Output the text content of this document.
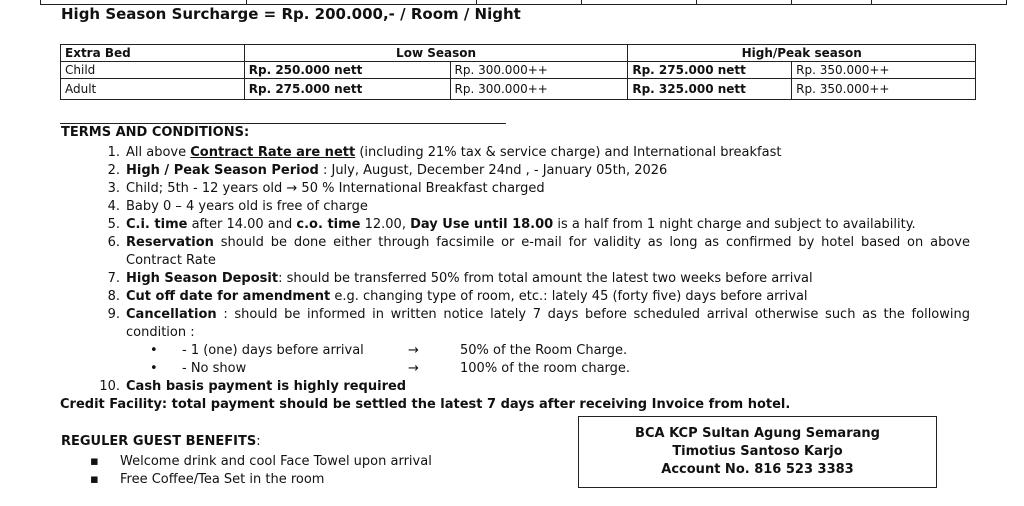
High Season Surcharge = Rp. 200.000,- / Room / Night
Extra Bed	Low Season		High/Peak season	
Child	Rp. 250.000 nett	Rp. 300.000++	Rp. 275.000 nett	Rp. 350.000++
Adult	Rp. 275.000 nett	Rp. 300.000++	Rp. 325.000 nett	Rp. 350.000++
TERMS AND CONDITIONS:
1. All above Contract Rate are nett (including 21% tax & service charge) and International breakfast
2. High / Peak Season Period : July, August, December 24nd , - January 05th, 2026
3. Child; 5th - 12 years old → 50 % International Breakfast charged
4. Baby 0 – 4 years old is free of charge
5. C.i. time after 14.00 and c.o. time 12.00, Day Use until 18.00 is a half from 1 night charge and subject to availability.
6. Reservation should be done either through facsimile or e-mail for validity as long as confirmed by hotel based on above Contract Rate
7. High Season Deposit: should be transferred 50% from total amount the latest two weeks before arrival
8. Cut off date for amendment e.g. changing type of room, etc.: lately 45 (forty five) days before arrival
9. Cancellation : should be informed in written notice lately 7 days before scheduled arrival otherwise such as the following condition :
•	- 1 (one) days before arrival	→	50% of the Room Charge.
•	- No show	→	100% of the room charge.
10. Cash basis payment is highly required
Credit Facility: total payment should be settled the latest 7 days after receiving Invoice from hotel.
REGULER GUEST BENEFITS:
▪	Welcome drink and cool Face Towel upon arrival
▪	Free Coffee/Tea Set in the room
BCA KCP Sultan Agung Semarang
Timotius Santoso Karjo
Account No. 816 523 3383
